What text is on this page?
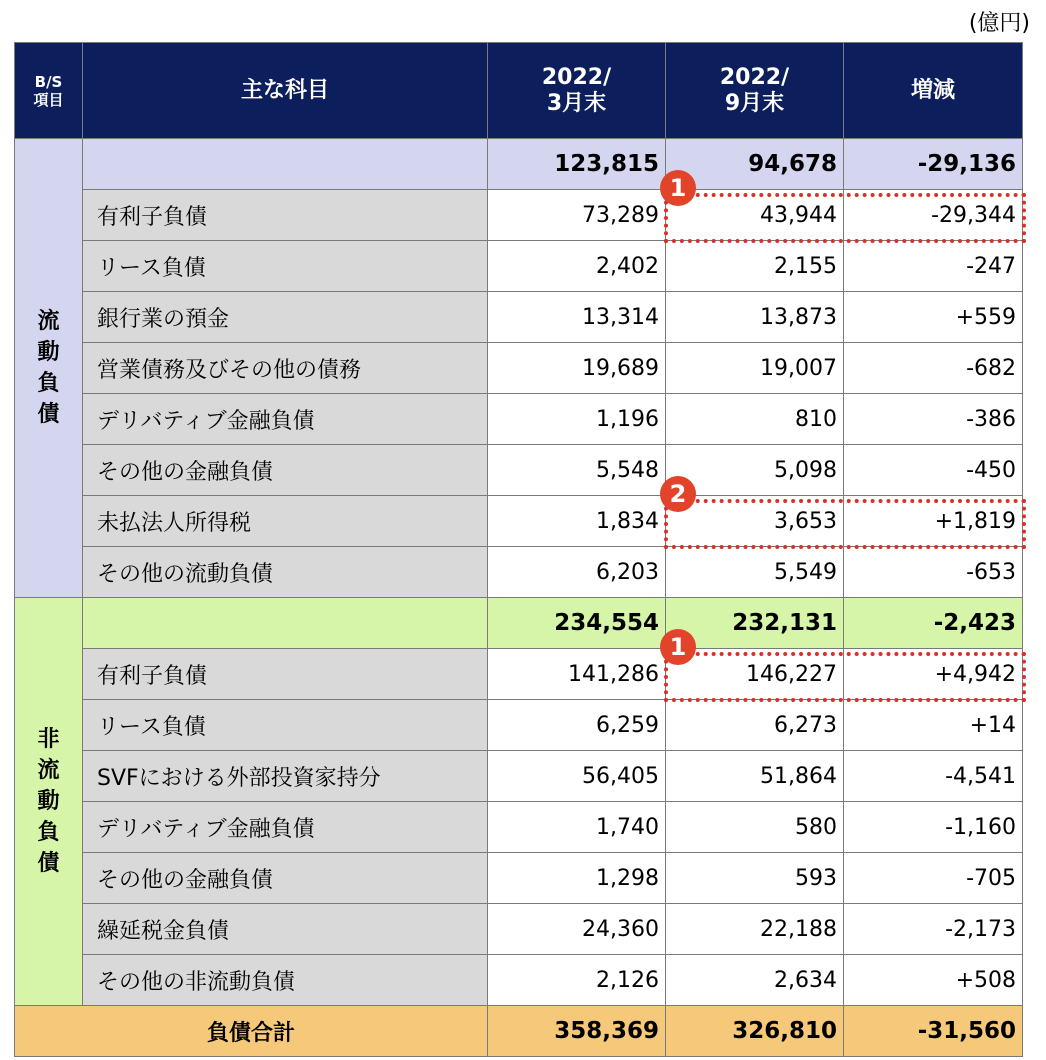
(億円)
B/S 項目	主な科目	2022/ 3月末	2022/ 9月末	増減
流動負債		123,815	94,678	-29,136
	有利子負債	73,289	43,944	-29,344
	リース負債	2,402	2,155	-247
	銀行業の預金	13,314	13,873	+559
	営業債務及びその他の債務	19,689	19,007	-682
	デリバティブ金融負債	1,196	810	-386
	その他の金融負債	5,548	5,098	-450
	未払法人所得税	1,834	3,653	+1,819
	その他の流動負債	6,203	5,549	-653
非流動負債		234,554	232,131	-2,423
	有利子負債	141,286	146,227	+4,942
	リース負債	6,259	6,273	+14
	SVFにおける外部投資家持分	56,405	51,864	-4,541
	デリバティブ金融負債	1,740	580	-1,160
	その他の金融負債	1,298	593	-705
	繰延税金負債	24,360	22,188	-2,173
	その他の非流動負債	2,126	2,634	+508
負債合計		358,369	326,810	-31,560
1
2
1
